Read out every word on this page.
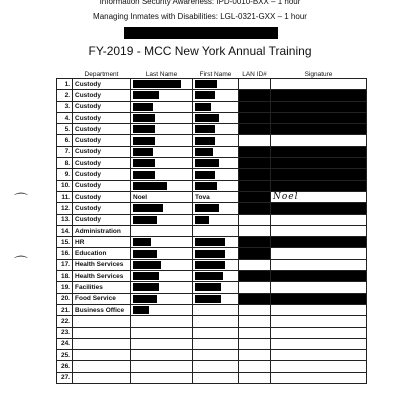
Information Security Awareness: IPD-0010-BXX – 1 hour
Managing Inmates with Disabilities: LGL-0321-GXX – 1 hour
FY-2019 - MCC New York Annual Training
⌒
⌒
	Department	Last Name	First Name	LAN ID#	Signature
1.	Custody				
2.	Custody			

3.	Custody			

4.	Custody			

5.	Custody			

6.	Custody				
7.	Custody			

8.	Custody			

9.	Custody			

10.	Custody			

11.	Custody	Noel	Tova		Noel
12.	Custody			

13.	Custody				
14.	Administration				
15.	HR			

16.	Education			

17.	Health Services				
18.	Health Services			

19.	Facilities				
20.	Food Service			

21.	Business Office				
22.					
23.					
24.					
25.					
26.					
27.					
